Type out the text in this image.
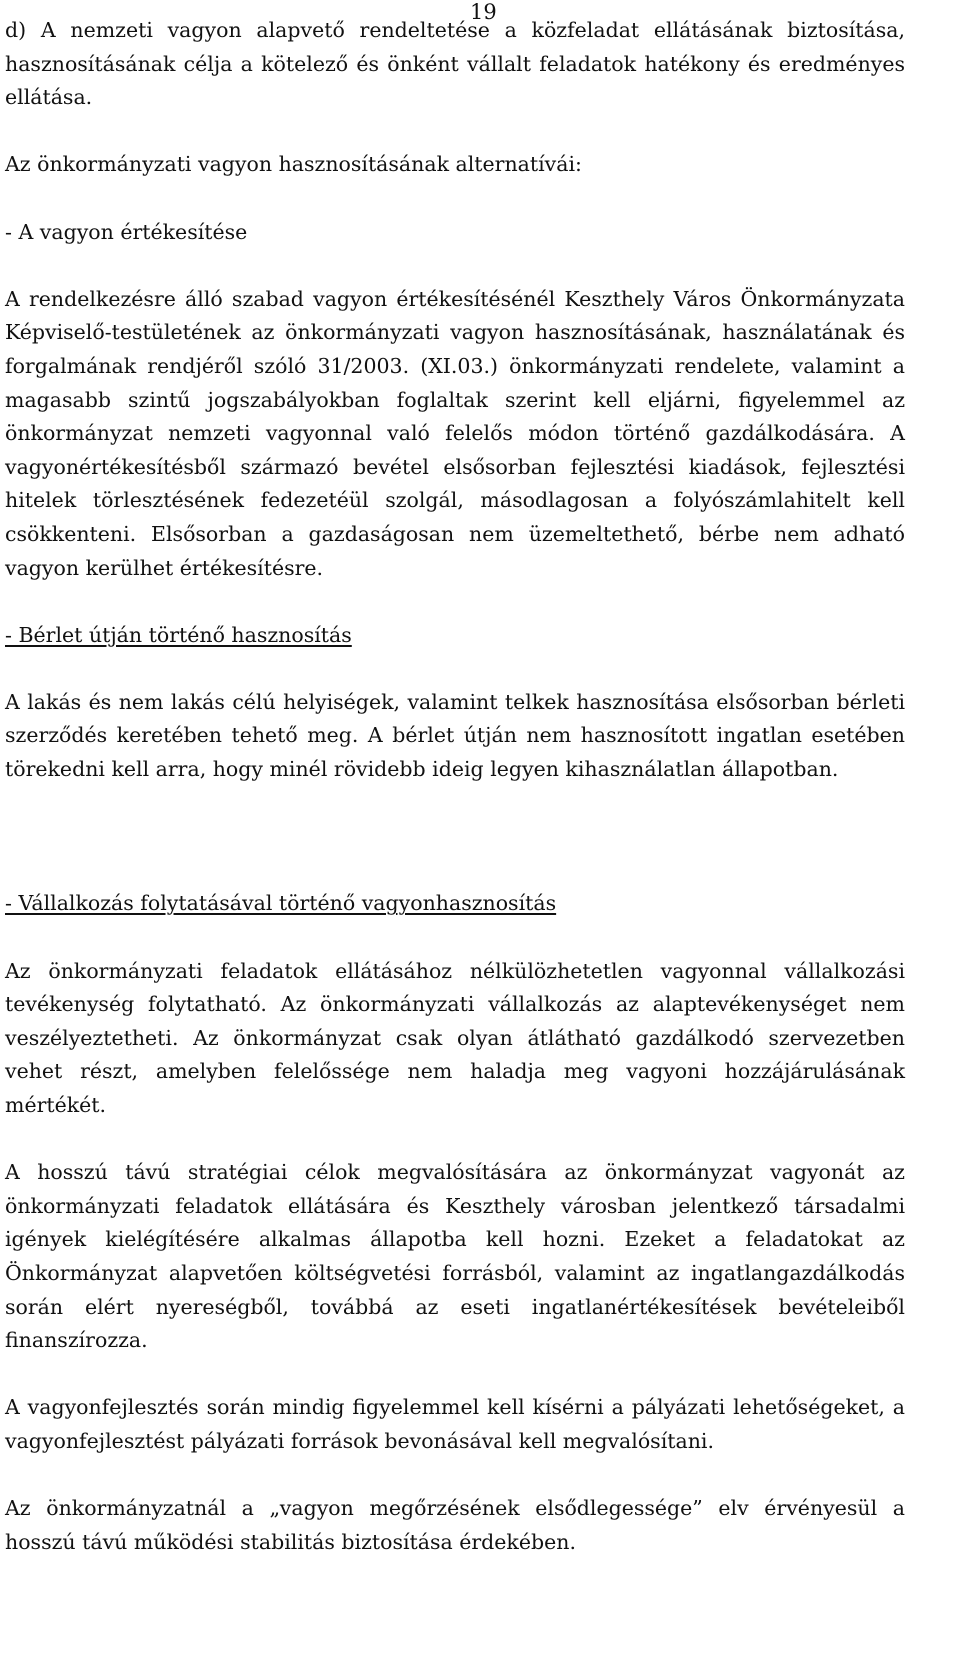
19

d) A nemzeti vagyon alapvető rendeltetése a közfeladat ellátásának biztosítása, hasznosításának célja a kötelező és önként vállalt feladatok hatékony és eredményes ellátása.

Az önkormányzati vagyon hasznosításának alternatívái:

- A vagyon értékesítése

A rendelkezésre álló szabad vagyon értékesítésénél Keszthely Város Önkormányzata Képviselő-testületének az önkormányzati vagyon hasznosításának, használatának és forgalmának rendjéről szóló 31/2003. (XI.03.) önkormányzati rendelete, valamint a magasabb szintű jogszabályokban foglaltak szerint kell eljárni, figyelemmel az önkormányzat nemzeti vagyonnal való felelős módon történő gazdálkodására. A vagyonértékesítésből származó bevétel elsősorban fejlesztési kiadások, fejlesztési hitelek törlesztésének fedezetéül szolgál, másodlagosan a folyószámlahitelt kell csökkenteni. Elsősorban a gazdaságosan nem üzemeltethető, bérbe nem adható vagyon kerülhet értékesítésre.

- Bérlet útján történő hasznosítás

A lakás és nem lakás célú helyiségek, valamint telkek hasznosítása elsősorban bérleti szerződés keretében tehető meg. A bérlet útján nem hasznosított ingatlan esetében törekedni kell arra, hogy minél rövidebb ideig legyen kihasználatlan állapotban.

- Vállalkozás folytatásával történő vagyonhasznosítás

Az önkormányzati feladatok ellátásához nélkülözhetetlen vagyonnal vállalkozási tevékenység folytatható. Az önkormányzati vállalkozás az alaptevékenységet nem veszélyeztetheti. Az önkormányzat csak olyan átlátható gazdálkodó szervezetben vehet részt, amelyben felelőssége nem haladja meg vagyoni hozzájárulásának mértékét.

A hosszú távú stratégiai célok megvalósítására az önkormányzat vagyonát az önkormányzati feladatok ellátására és Keszthely városban jelentkező társadalmi igények kielégítésére alkalmas állapotba kell hozni. Ezeket a feladatokat az Önkormányzat alapvetően költségvetési forrásból, valamint az ingatlangazdálkodás során elért nyereségből, továbbá az eseti ingatlanértékesítések bevételeiből finanszírozza.

A vagyonfejlesztés során mindig figyelemmel kell kísérni a pályázati lehetőségeket, a vagyonfejlesztést pályázati források bevonásával kell megvalósítani.

Az önkormányzatnál a „vagyon megőrzésének elsődlegessége” elv érvényesül a hosszú távú működési stabilitás biztosítása érdekében.
